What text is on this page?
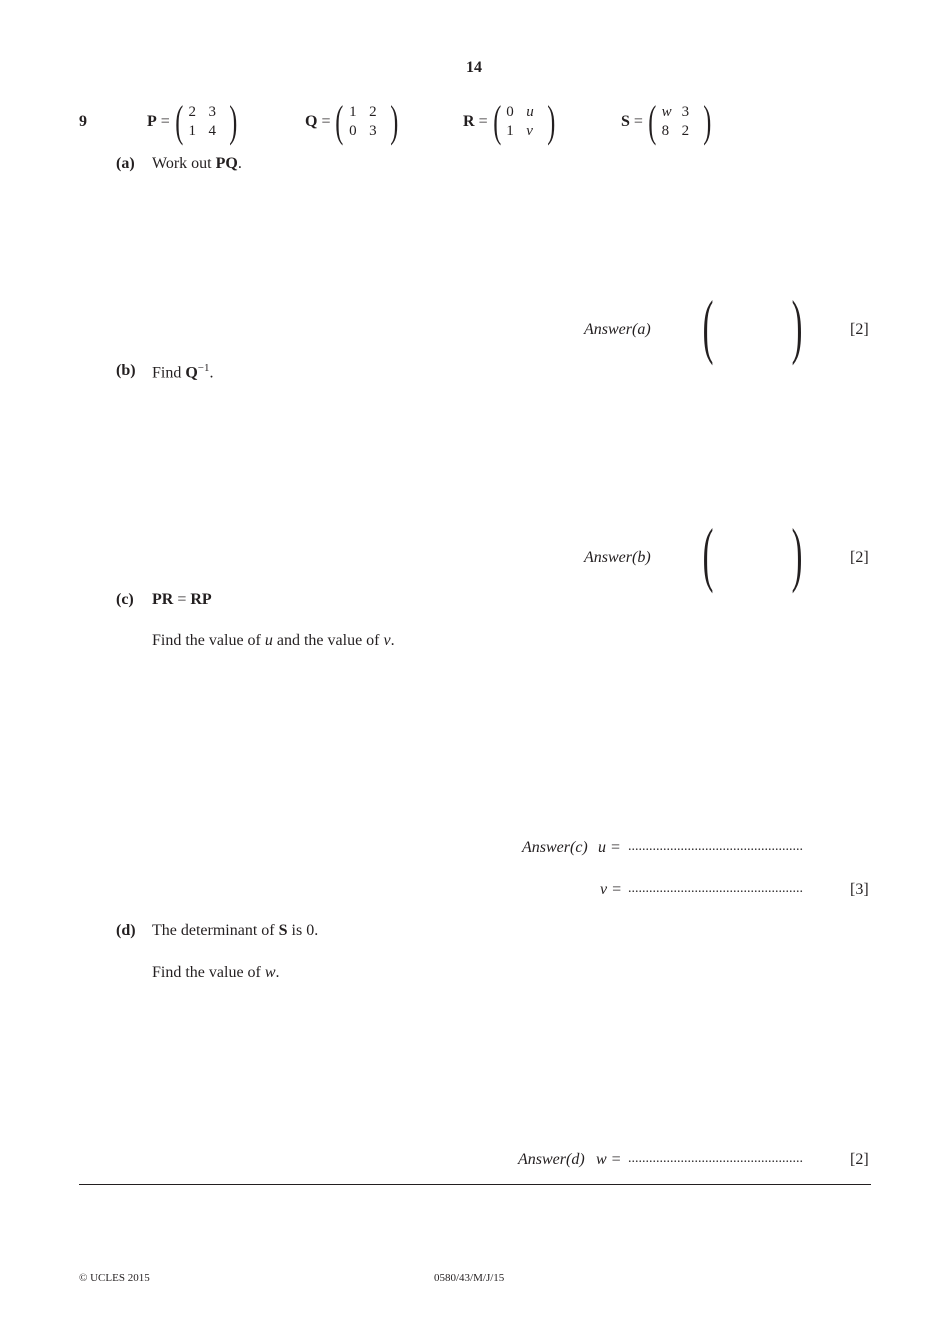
14
9	P = ( 2 3
1 4 )	Q = ( 1 2
0 3 )	R = ( 0 u
1 v )	S = ( w 3
8 2 )
(a) Work out PQ.
Answer(a) ( )	[2]
(b) Find $Q^{-1}$.
Answer(b) ( )	[2]
(c) PR = RP
Find the value of u and the value of v.
Answer(c) u = ..................................................
v = ..................................................	[3]
(d) The determinant of S is 0.
Find the value of w.
Answer(d) w = ..................................................	[2]
© UCLES 2015	0580/43/M/J/15
